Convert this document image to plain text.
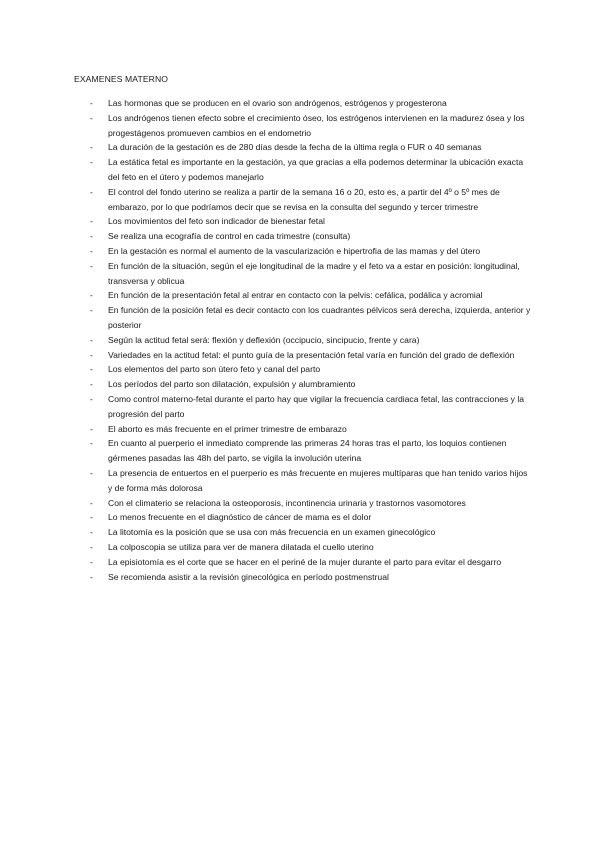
EXAMENES MATERNO
-	Las hormonas que se producen en el ovario son andrógenos, estrógenos y progesterona
-	Los andrógenos tienen efecto sobre el crecimiento óseo, los estrógenos intervienen en la madurez ósea y los progestágenos promueven cambios en el endometrio
-	La duración de la gestación es de 280 días desde la fecha de la última regla o FUR o 40 semanas
-	La estática fetal es importante en la gestación, ya que gracias a ella podemos determinar la ubicación exacta del feto en el útero y podemos manejarlo
-	El control del fondo uterino se realiza a partir de la semana 16 o 20, esto es, a partir del 4º o 5º mes de embarazo, por lo que podríamos decir que se revisa en la consulta del segundo y tercer trimestre
-	Los movimientos del feto son indicador de bienestar fetal
-	Se realiza una ecografía de control en cada trimestre (consulta)
-	En la gestación es normal el aumento de la vascularización e hipertrofia de las mamas y del útero
-	En función de la situación, según el eje longitudinal de la madre y el feto va a estar en posición: longitudinal, transversa y oblicua
-	En función de la presentación fetal al entrar en contacto con la pelvis: cefálica, podálica y acromial
-	En función de la posición fetal es decir contacto con los cuadrantes pélvicos será derecha, izquierda, anterior y posterior
-	Según la actitud fetal será: flexión y deflexión (occipucio, sincipucio, frente y cara)
-	Variedades en la actitud fetal: el punto guía de la presentación fetal varía en función del grado de deflexión
-	Los elementos del parto son útero feto y canal del parto
-	Los períodos del parto son dilatación, expulsión y alumbramiento
-	Como control materno-fetal durante el parto hay que vigilar la frecuencia cardiaca fetal, las contracciones y la progresión del parto
-	El aborto es más frecuente en el primer trimestre de embarazo
-	En cuanto al puerperio el inmediato comprende las primeras 24 horas tras el parto, los loquios contienen gérmenes pasadas las 48h del parto, se vigila la involución uterina
-	La presencia de entuertos en el puerperio es más frecuente en mujeres multíparas que han tenido varios hijos y de forma más dolorosa
-	Con el climaterio se relaciona la osteoporosis, incontinencia urinaria y trastornos vasomotores
-	Lo menos frecuente en el diagnóstico de cáncer de mama es el dolor
-	La litotomía es la posición que se usa con más frecuencia en un examen ginecológico
-	La colposcopia se utiliza para ver de manera dilatada el cuello uterino
-	La episiotomía es el corte que se hacer en el periné de la mujer durante el parto para evitar el desgarro
-	Se recomienda asistir a la revisión ginecológica en período postmenstrual
